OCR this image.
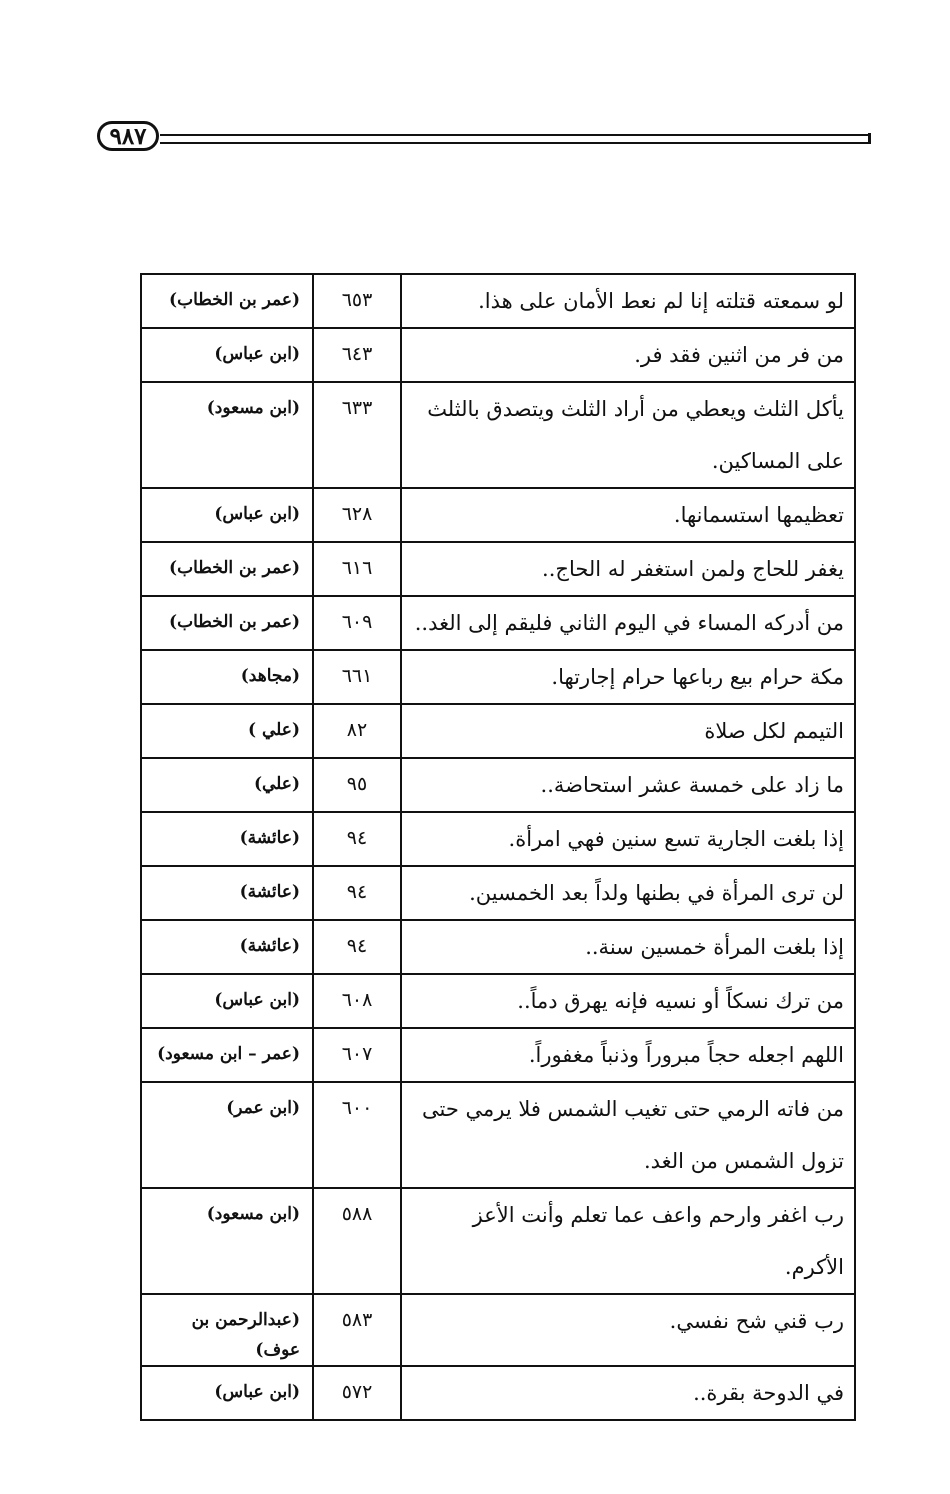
٩٨٧
لو سمعته قتلته إنا لم نعط الأمان على هذا.	٦٥٣	(عمر بن الخطاب)

من فر من اثنين فقد فر.	٦٤٣	(ابن عباس)

يأكل الثلث ويعطي من أراد الثلث ويتصدق بالثلث على المساكين.	٦٣٣	(ابن مسعود)

تعظيمها استسمانها.	٦٢٨	(ابن عباس)

يغفر للحاج ولمن استغفر له الحاج..	٦١٦	(عمر بن الخطاب)

من أدركه المساء في اليوم الثاني فليقم إلى الغد..	٦٠٩	(عمر بن الخطاب)

مكة حرام بيع رباعها حرام إجارتها.	٦٦١	(مجاهد)

التيمم لكل صلاة	٨٢	(علي )

ما زاد على خمسة عشر استحاضة..	٩٥	(علي)

إذا بلغت الجارية تسع سنين فهي امرأة.	٩٤	(عائشة)

لن ترى المرأة في بطنها ولداً بعد الخمسين.	٩٤	(عائشة)

إذا بلغت المرأة خمسين سنة..	٩٤	(عائشة)

من ترك نسكاً أو نسيه فإنه يهرق دماً..	٦٠٨	(ابن عباس)

اللهم اجعله حجاً مبروراً وذنباً مغفوراً.	٦٠٧	(عمر – ابن مسعود)

من فاته الرمي حتى تغيب الشمس فلا يرمي حتى تزول الشمس من الغد.	٦٠٠	(ابن عمر)

رب اغفر وارحم واعف عما تعلم وأنت الأعز الأكرم.	٥٨٨	(ابن مسعود)

رب قني شح نفسي.	٥٨٣	(عبدالرحمن بن عوف)

في الدوحة بقرة..	٥٧٢	(ابن عباس)
